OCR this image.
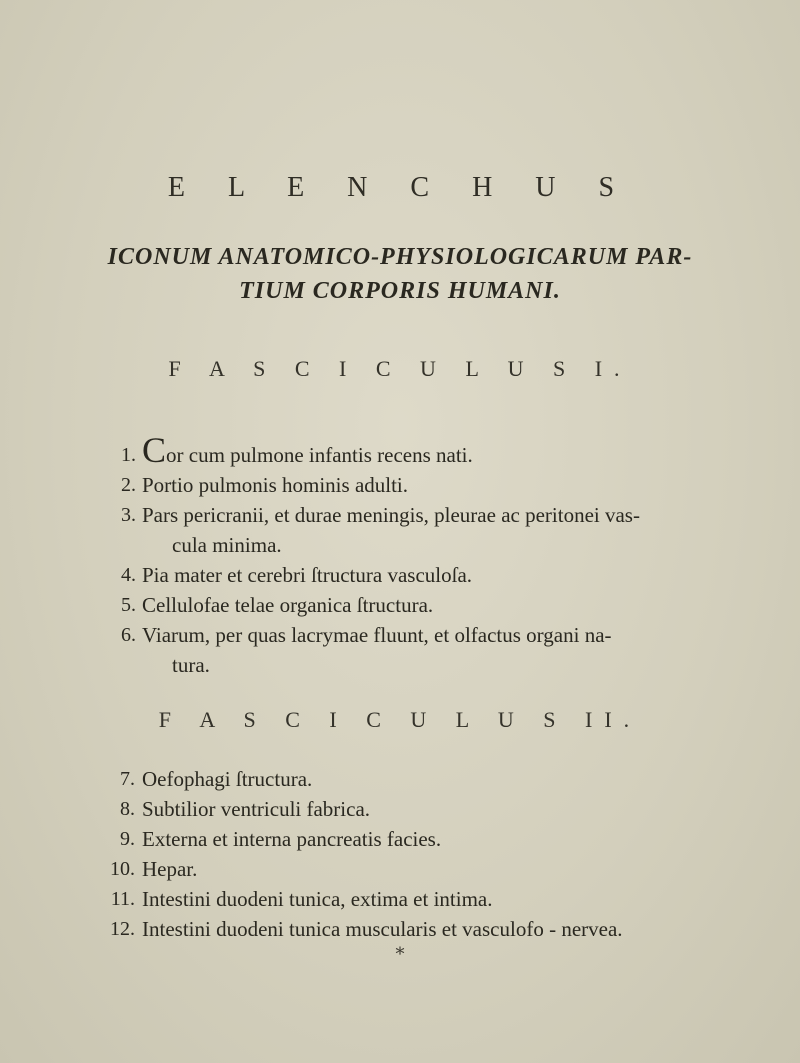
E L E N C H U S
ICONUM ANATOMICO-PHYSIOLOGICARUM PAR-
TIUM CORPORIS HUMANI.
F A S C I C U L U S I.
1. Cor cum pulmone infantis recens nati.
2. Portio pulmonis hominis adulti.
3. Pars pericranii, et durae meningis, pleurae ac peritonei vas-
cula minima.
4. Pia mater et cerebri ſtructura vasculoſa.
5. Cellulofae telae organica ſtructura.
6. Viarum, per quas lacrymae fluunt, et olfactus organi na-
tura.
F A S C I C U L U S II.
7. Oefophagi ſtructura.
8. Subtilior ventriculi fabrica.
9. Externa et interna pancreatis facies.
10. Hepar.
11. Intestini duodeni tunica, extima et intima.
12. Intestini duodeni tunica muscularis et vasculofo - nervea.
*
